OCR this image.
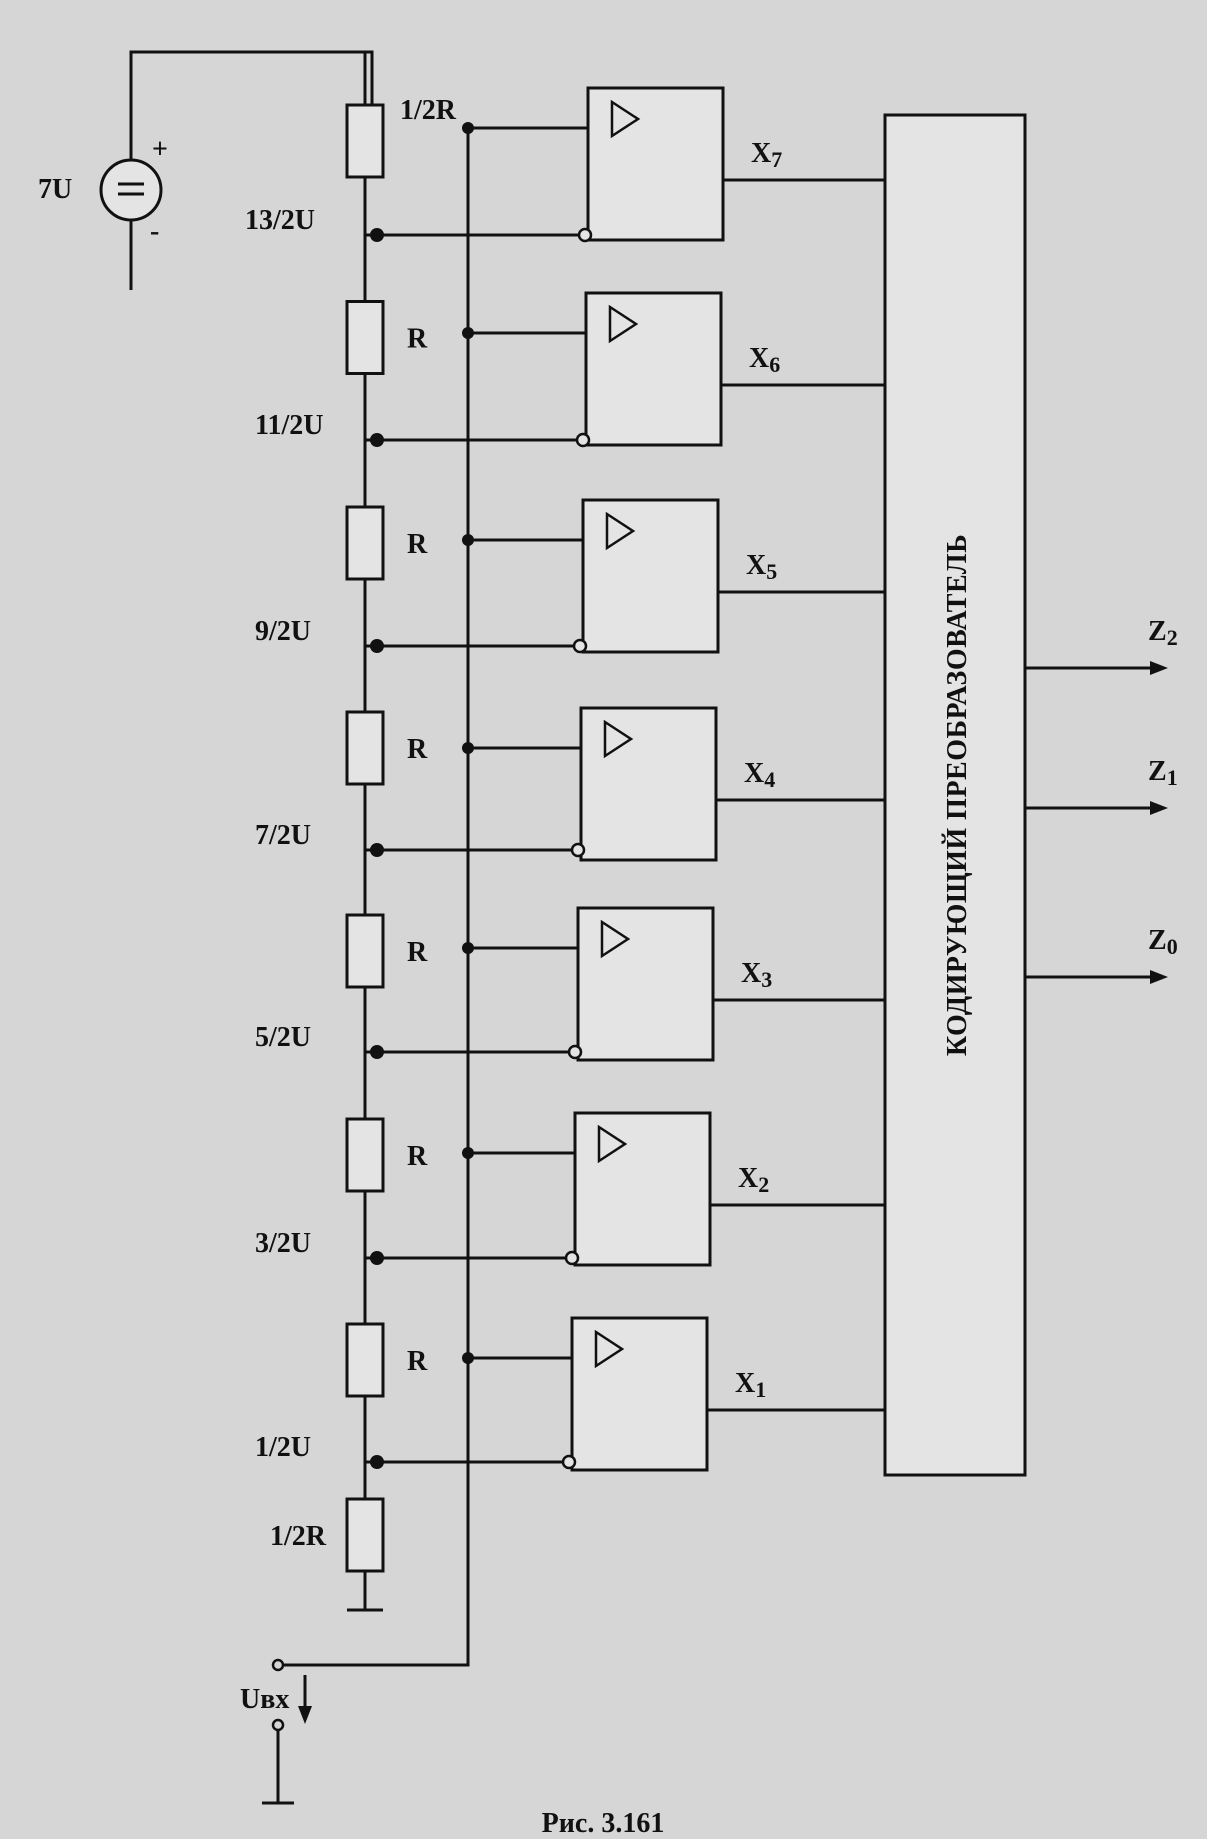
7U
+
-
1/2R
R
R
R
R
R
R
1/2R
Uвх
13/2U
X7
11/2U
X6
9/2U
X5
7/2U
X4
5/2U
X3
3/2U
X2
1/2U
X1
КОДИРУЮЩИЙ ПРЕОБРАЗОВАТЕЛЬ	Z2
Z1
Z0
Рис. 3.161
